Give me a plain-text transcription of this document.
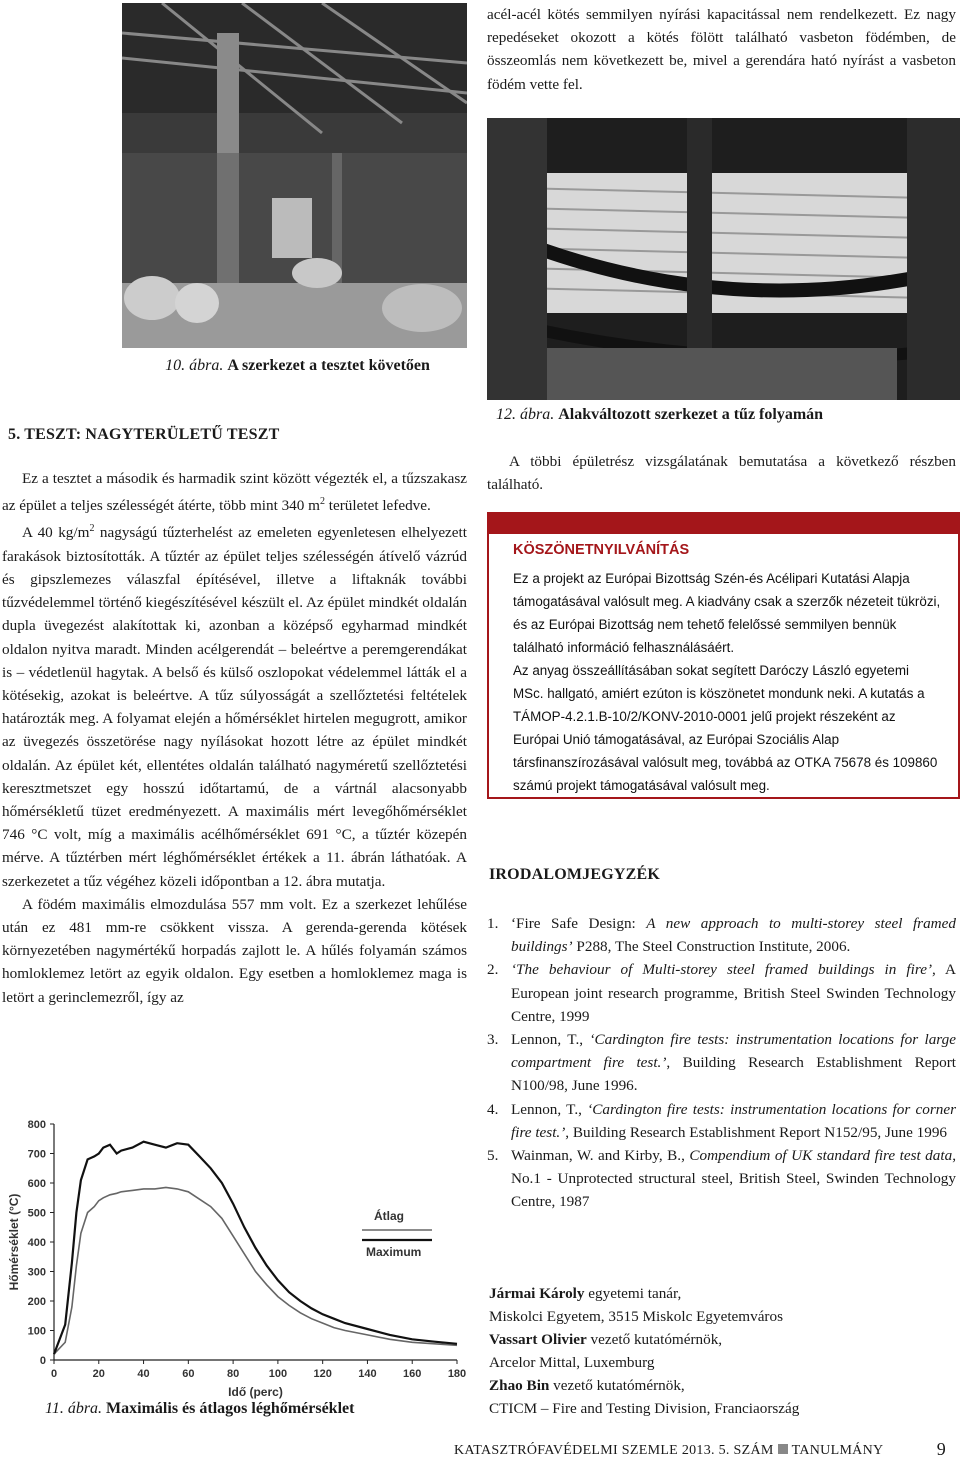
acél-acél kötés semmilyen nyírási kapacitással nem rendelkezett. Ez nagy repedéseket okozott a kötés fölött található vasbeton födémben, de összeomlás nem következett be, mivel a gerendára ható nyírást a vasbeton födém vette fel.
10. ábra. A szerkezet a tesztet követően
12. ábra. Alakváltozott szerkezet a tűz folyamán
5. TESZT: NAGYTERÜLETŰ TESZT

Ez a tesztet a második és harmadik szint között végezték el, a tűzszakasz az épület a teljes szélességét átérte, több mint 340 $m^2$ területet lefedve.

A 40 $kg/m^2$ nagyságú tűzterhelést az emeleten egyenletesen elhelyezett farakások biztosították. A tűztér az épület teljes szélességén átívelő vázrúd és gipszlemezes válaszfal építésével, illetve a liftaknák további tűzvédelemmel történő kiegészítésével készült el. Az épület mindkét oldalán dupla üvegezést alakítottak ki, azonban a középső egyharmad mindkét oldalon nyitva maradt. Minden acélgerendát – beleértve a peremgerendákat is – védetlenül hagytak. A belső és külső oszlopokat védelemmel látták el a kötésekig, azokat is beleértve. A tűz súlyosságát a szellőztetési feltételek határozták meg. A folyamat elején a hőmérséklet hirtelen megugrott, amikor az üvegezés összetörése nagy nyílásokat hozott létre az épület mindkét oldalán. Az épület két, ellentétes oldalán található nagyméretű szellőztetési keresztmetszet egy hosszú időtartamú, de a vártnál alacsonyabb hőmérsékletű tüzet eredményezett. A maximális mért levegőhőmérséklet 746 °C volt, míg a maximális acélhőmérséklet 691 °C, a tűztér közepén mérve. A tűztérben mért léghőmérséklet értékek a 11. ábrán láthatóak. A szerkezetet a tűz végéhez közeli időpontban a 12. ábra mutatja.

A födém maximális elmozdulása 557 mm volt. Ez a szerkezet lehűlése után ez 481 mm-re csökkent vissza. A gerenda-gerenda kötések környezetében nagymértékű horpadás zajlott le. A hűlés folyamán számos homloklemez letört az egyik oldalon. Egy esetben a homloklemez maga is letört a gerinclemezről, így az

A többi épületrész vizsgálatának bemutatása a következő részben található.
KÖSZÖNETNYILVÁNÍTÁS

Ez a projekt az Európai Bizottság Szén-és Acélipari Kutatási Alapja támogatásával valósult meg. A kiadvány csak a szerzők nézeteit tükrözi, és az Európai Bizottság nem tehető felelőssé semmilyen bennük található információ felhasználásáért.

Az anyag összeállításában sokat segített Daróczy László egyetemi MSc. hallgató, amiért ezúton is köszönetet mondunk neki. A kutatás a TÁMOP-4.2.1.B-10/2/KONV-2010-0001 jelű projekt részeként az Európai Unió támogatásával, az Európai Szociális Alap társfinanszírozásával valósult meg, továbbá az OTKA 75678 és 109860 számú projekt támogatásával valósult meg.

IRODALOMJEGYZÉK
1. ‘Fire Safe Design: A new approach to multi-storey steel framed buildings’ P288, The Steel Construction Institute, 2006.
2. ‘The behaviour of Multi-storey steel framed buildings in fire’, A European joint research programme, British Steel Swinden Technology Centre, 1999
3. Lennon, T., ‘Cardington fire tests: instrumentation locations for large compartment fire test.’, Building Research Establishment Report N100/98, June 1996.
4. Lennon, T., ‘Cardington fire tests: instrumentation locations for corner fire test.’, Building Research Establishment Report N152/95, June 1996
5. Wainman, W. and Kirby, B., Compendium of UK standard fire test data, No.1 - Unprotected structural steel, British Steel, Swinden Technology Centre, 1987
Jármai Károly egyetemi tanár,
Miskolci Egyetem, 3515 Miskolc Egyetemváros
Vassart Olivier vezető kutatómérnök,
Arcelor Mittal, Luxemburg
Zhao Bin vezető kutatómérnök,
CTICM – Fire and Testing Division, Franciaország
0
100
200
300
400
500
600
700
800
0	20	40	60	80	100 120 140 160 180
Idő (perc)
Hőmérséklet (°C)	Átlag
Maximum
11. ábra. Maximális és átlagos léghőmérséklet
KATASZTRÓFAVÉDELMI SZEMLE 2013. 5. SZÁM TANULMÁNY	9
